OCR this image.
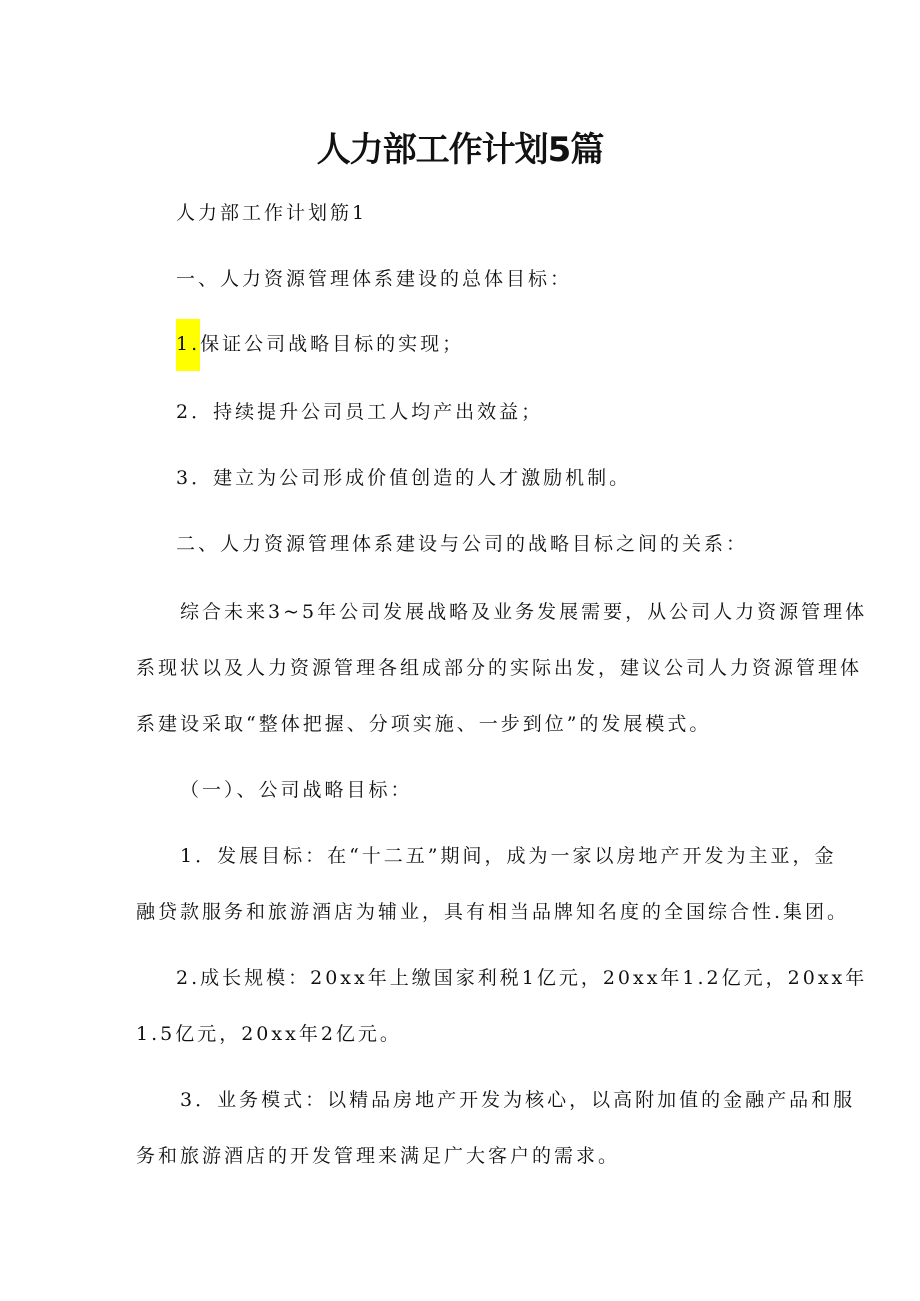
人力部工作计划5篇

人力部工作计划筋1

一、人力资源管理体系建设的总体目标：

1.保证公司战略目标的实现；

2．持续提升公司员工人均产出效益；

3．建立为公司形成价值创造的人才激励机制。

二、人力资源管理体系建设与公司的战略目标之间的关系：

综合未来3~5年公司发展战略及业务发展需要，从公司人力资源管理体

系现状以及人力资源管理各组成部分的实际出发，建议公司人力资源管理体

系建设采取“整体把握、分项实施、一步到位”的发展模式。

（一）、公司战略目标：

1．发展目标：在“十二五”期间，成为一家以房地产开发为主亚，金

融贷款服务和旅游酒店为辅业，具有相当品牌知名度的全国综合性.集团。

2.成长规模：20xx年上缴国家利税1亿元，20xx年1.2亿元，20xx年

1.5亿元，20xx年2亿元。

3．业务模式：以精品房地产开发为核心，以高附加值的金融产品和服

务和旅游酒店的开发管理来满足广大客户的需求。
